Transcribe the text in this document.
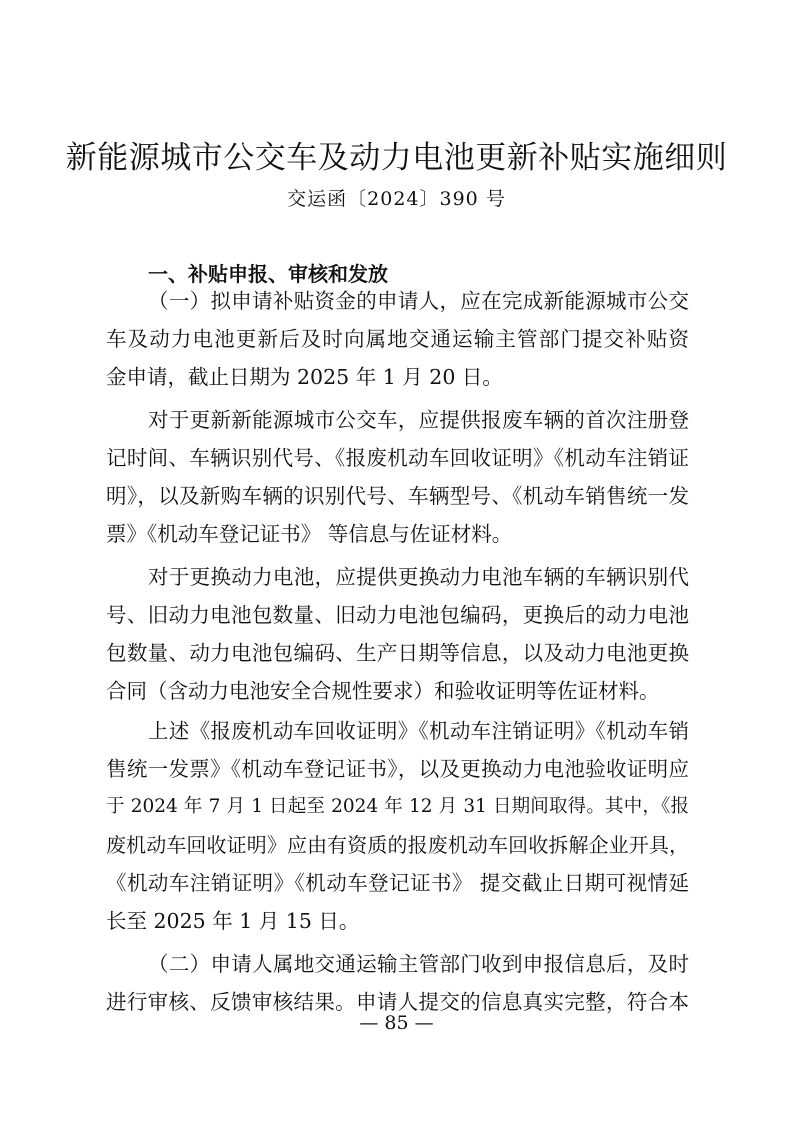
新能源城市公交车及动力电池更新补贴实施细则
交运函〔2024〕390 号
一、补贴申报、审核和发放
（一）拟申请补贴资金的申请人，应在完成新能源城市公交
车及动力电池更新后及时向属地交通运输主管部门提交补贴资
金申请，截止日期为 2025 年 1 月 20 日。
对于更新新能源城市公交车，应提供报废车辆的首次注册登
记时间、车辆识别代号、《报废机动车回收证明》《机动车注销证
明》，以及新购车辆的识别代号、车辆型号、《机动车销售统一发
票》《机动车登记证书》 等信息与佐证材料。
对于更换动力电池，应提供更换动力电池车辆的车辆识别代
号、旧动力电池包数量、旧动力电池包编码，更换后的动力电池
包数量、动力电池包编码、生产日期等信息，以及动力电池更换
合同（含动力电池安全合规性要求）和验收证明等佐证材料。
上述《报废机动车回收证明》《机动车注销证明》《机动车销
售统一发票》《机动车登记证书》，以及更换动力电池验收证明应
于 2024 年 7 月 1 日起至 2024 年 12 月 31 日期间取得。其中，《报
废机动车回收证明》应由有资质的报废机动车回收拆解企业开具，
《机动车注销证明》《机动车登记证书》 提交截止日期可视情延
长至 2025 年 1 月 15 日。
（二）申请人属地交通运输主管部门收到申报信息后，及时
进行审核、反馈审核结果。申请人提交的信息真实完整，符合本
— 85 —
